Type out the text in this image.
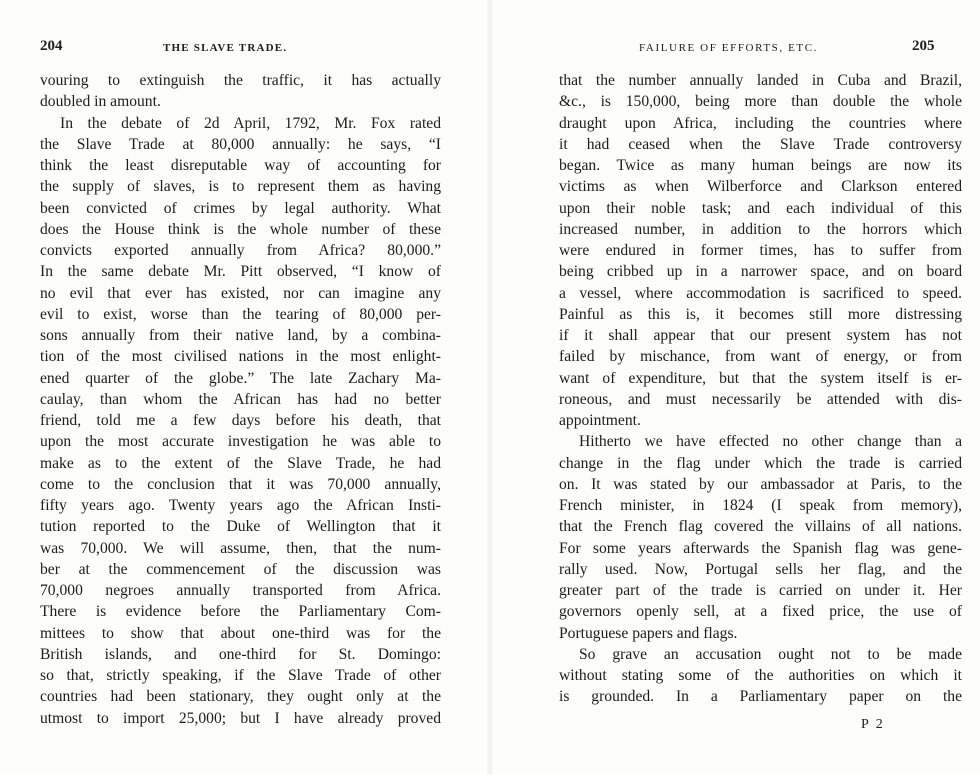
204	THE SLAVE TRADE.
vouring to extinguish the traffic, it has actually
doubled in amount.
In the debate of 2d April, 1792, Mr. Fox rated
the Slave Trade at 80,000 annually: he says, “I
think the least disreputable way of accounting for
the supply of slaves, is to represent them as having
been convicted of crimes by legal authority. What
does the House think is the whole number of these
convicts exported annually from Africa? 80,000.”
In the same debate Mr. Pitt observed, “I know of
no evil that ever has existed, nor can imagine any
evil to exist, worse than the tearing of 80,000 per-
sons annually from their native land, by a combina-
tion of the most civilised nations in the most enlight-
ened quarter of the globe.” The late Zachary Ma-
caulay, than whom the African has had no better
friend, told me a few days before his death, that
upon the most accurate investigation he was able to
make as to the extent of the Slave Trade, he had
come to the conclusion that it was 70,000 annually,
fifty years ago. Twenty years ago the African Insti-
tution reported to the Duke of Wellington that it
was 70,000. We will assume, then, that the num-
ber at the commencement of the discussion was
70,000 negroes annually transported from Africa.
There is evidence before the Parliamentary Com-
mittees to show that about one-third was for the
British islands, and one-third for St. Domingo:
so that, strictly speaking, if the Slave Trade of other
countries had been stationary, they ought only at the
utmost to import 25,000; but I have already proved
FAILURE OF EFFORTS, ETC.	205
that the number annually landed in Cuba and Brazil,
&c., is 150,000, being more than double the whole
draught upon Africa, including the countries where
it had ceased when the Slave Trade controversy
began. Twice as many human beings are now its
victims as when Wilberforce and Clarkson entered
upon their noble task; and each individual of this
increased number, in addition to the horrors which
were endured in former times, has to suffer from
being cribbed up in a narrower space, and on board
a vessel, where accommodation is sacrificed to speed.
Painful as this is, it becomes still more distressing
if it shall appear that our present system has not
failed by mischance, from want of energy, or from
want of expenditure, but that the system itself is er-
roneous, and must necessarily be attended with dis-
appointment.
Hitherto we have effected no other change than a
change in the flag under which the trade is carried
on. It was stated by our ambassador at Paris, to the
French minister, in 1824 (I speak from memory),
that the French flag covered the villains of all nations.
For some years afterwards the Spanish flag was gene-
rally used. Now, Portugal sells her flag, and the
greater part of the trade is carried on under it. Her
governors openly sell, at a fixed price, the use of
Portuguese papers and flags.
So grave an accusation ought not to be made
without stating some of the authorities on which it
is grounded. In a Parliamentary paper on the
P 2
